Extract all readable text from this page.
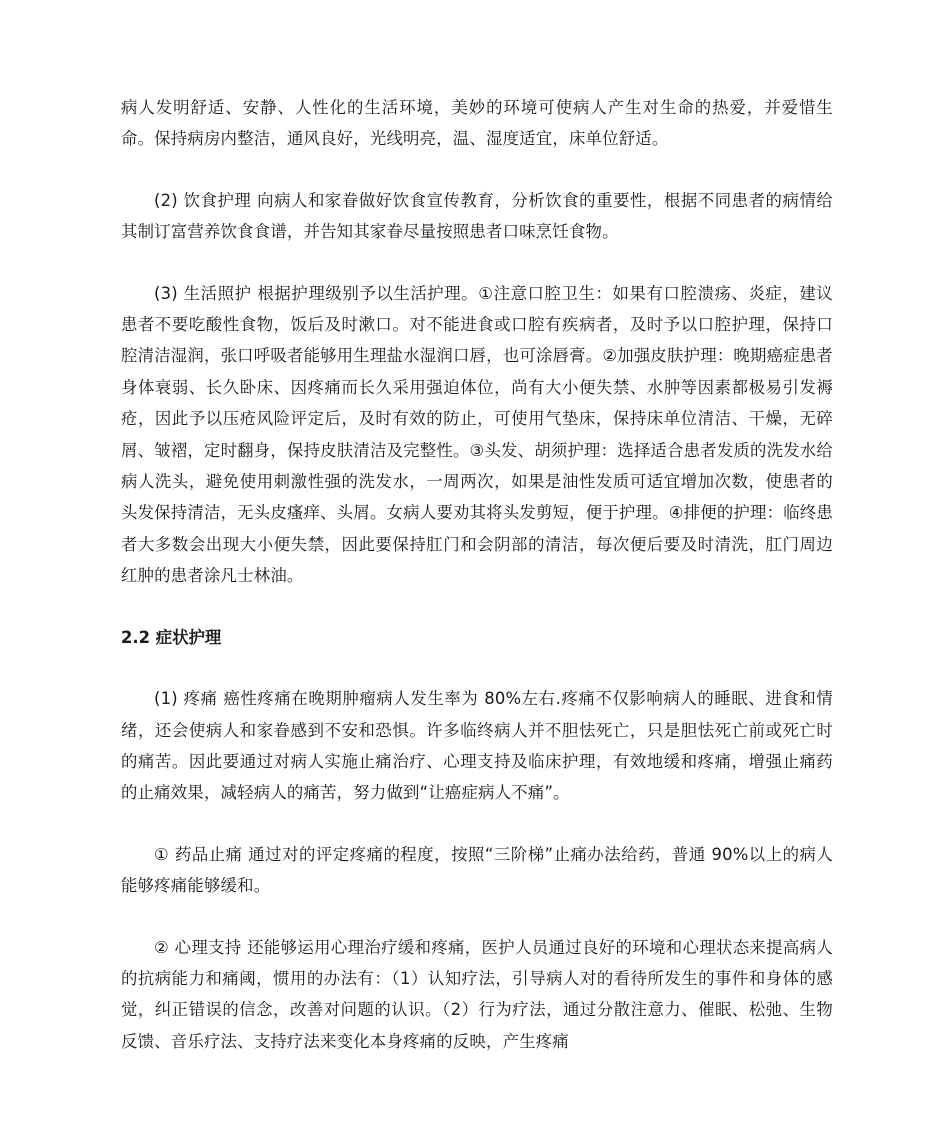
病人发明舒适、安静、人性化的生活环境，美妙的环境可使病人产生对生命的热爱，并爱惜生命。保持病房内整洁，通风良好，光线明亮，温、湿度适宜，床单位舒适。

(2) 饮食护理 向病人和家眷做好饮食宣传教育，分析饮食的重要性，根据不同患者的病情给其制订富营养饮食食谱，并告知其家眷尽量按照患者口味烹饪食物。

(3) 生活照护 根据护理级别予以生活护理。①注意口腔卫生：如果有口腔溃疡、炎症，建议患者不要吃酸性食物，饭后及时漱口。对不能进食或口腔有疾病者，及时予以口腔护理，保持口腔清洁湿润，张口呼吸者能够用生理盐水湿润口唇，也可涂唇膏。②加强皮肤护理：晚期癌症患者身体衰弱、长久卧床、因疼痛而长久采用强迫体位，尚有大小便失禁、水肿等因素都极易引发褥疮，因此予以压疮风险评定后，及时有效的防止，可使用气垫床，保持床单位清洁、干燥，无碎屑、皱褶，定时翻身，保持皮肤清洁及完整性。③头发、胡须护理：选择适合患者发质的洗发水给病人洗头，避免使用刺激性强的洗发水，一周两次，如果是油性发质可适宜增加次数，使患者的头发保持清洁，无头皮瘙痒、头屑。女病人要劝其将头发剪短，便于护理。④排便的护理：临终患者大多数会出现大小便失禁，因此要保持肛门和会阴部的清洁，每次便后要及时清洗，肛门周边红肿的患者涂凡士林油。

2.2 症状护理

(1) 疼痛 癌性疼痛在晚期肿瘤病人发生率为 80%左右.疼痛不仅影响病人的睡眠、进食和情绪，还会使病人和家眷感到不安和恐惧。许多临终病人并不胆怯死亡，只是胆怯死亡前或死亡时的痛苦。因此要通过对病人实施止痛治疗、心理支持及临床护理，有效地缓和疼痛，增强止痛药的止痛效果，减轻病人的痛苦，努力做到“让癌症病人不痛”。

① 药品止痛 通过对的评定疼痛的程度，按照“三阶梯”止痛办法给药，普通 90%以上的病人能够疼痛能够缓和。

② 心理支持 还能够运用心理治疗缓和疼痛，医护人员通过良好的环境和心理状态来提高病人的抗病能力和痛阈，惯用的办法有：（1）认知疗法，引导病人对的看待所发生的事件和身体的感觉，纠正错误的信念，改善对问题的认识。（2）行为疗法，通过分散注意力、催眠、松弛、生物反馈、音乐疗法、支持疗法来变化本身疼痛的反映，产生疼痛
